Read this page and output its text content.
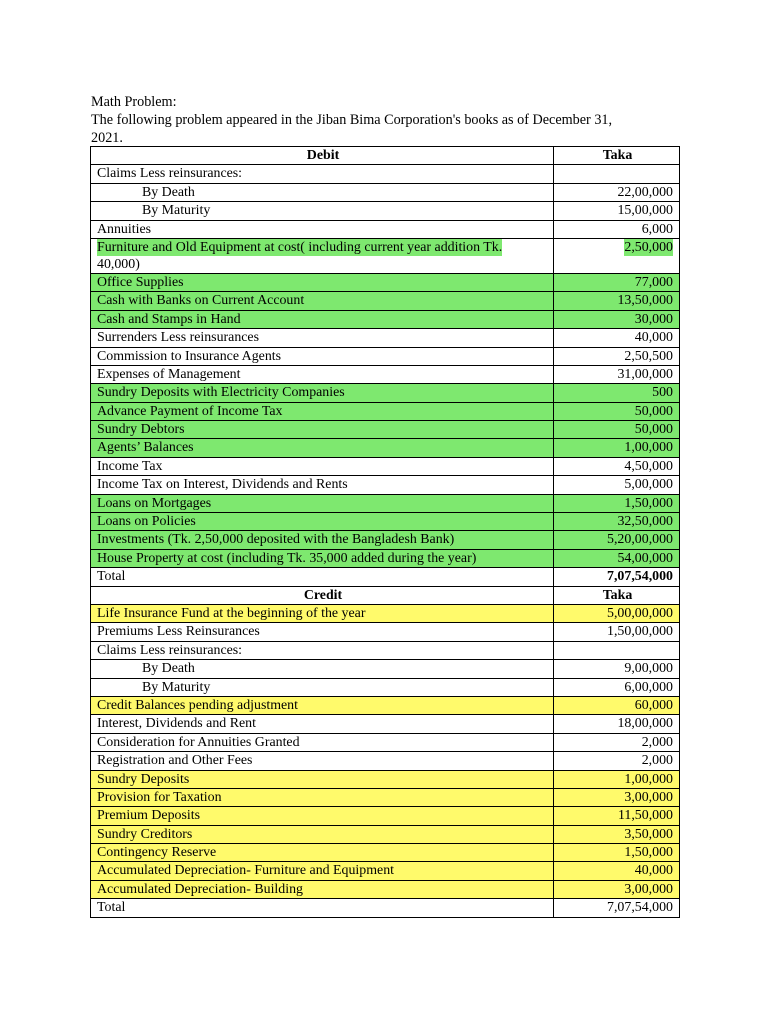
Math Problem:
The following problem appeared in the Jiban Bima Corporation's books as of December 31,
2021.
Debit	Taka
Claims Less reinsurances:	
By Death	22,00,000
By Maturity	15,00,000
Annuities	6,000
Furniture and Old Equipment at cost( including current year addition Tk.
40,000)	2,50,000
Office Supplies	77,000
Cash with Banks on Current Account	13,50,000
Cash and Stamps in Hand	30,000
Surrenders Less reinsurances	40,000
Commission to Insurance Agents	2,50,500
Expenses of Management	31,00,000
Sundry Deposits with Electricity Companies	500
Advance Payment of Income Tax	50,000
Sundry Debtors	50,000
Agents’ Balances	1,00,000
Income Tax	4,50,000
Income Tax on Interest, Dividends and Rents	5,00,000
Loans on Mortgages	1,50,000
Loans on Policies	32,50,000
Investments (Tk. 2,50,000 deposited with the Bangladesh Bank)	5,20,00,000
House Property at cost (including Tk. 35,000 added during the year)	54,00,000
Total	7,07,54,000
Credit	Taka
Life Insurance Fund at the beginning of the year	5,00,00,000
Premiums Less Reinsurances	1,50,00,000
Claims Less reinsurances:	
By Death	9,00,000
By Maturity	6,00,000
Credit Balances pending adjustment	60,000
Interest, Dividends and Rent	18,00,000
Consideration for Annuities Granted	2,000
Registration and Other Fees	2,000
Sundry Deposits	1,00,000
Provision for Taxation	3,00,000
Premium Deposits	11,50,000
Sundry Creditors	3,50,000
Contingency Reserve	1,50,000
Accumulated Depreciation- Furniture and Equipment	40,000
Accumulated Depreciation- Building	3,00,000
Total	7,07,54,000
